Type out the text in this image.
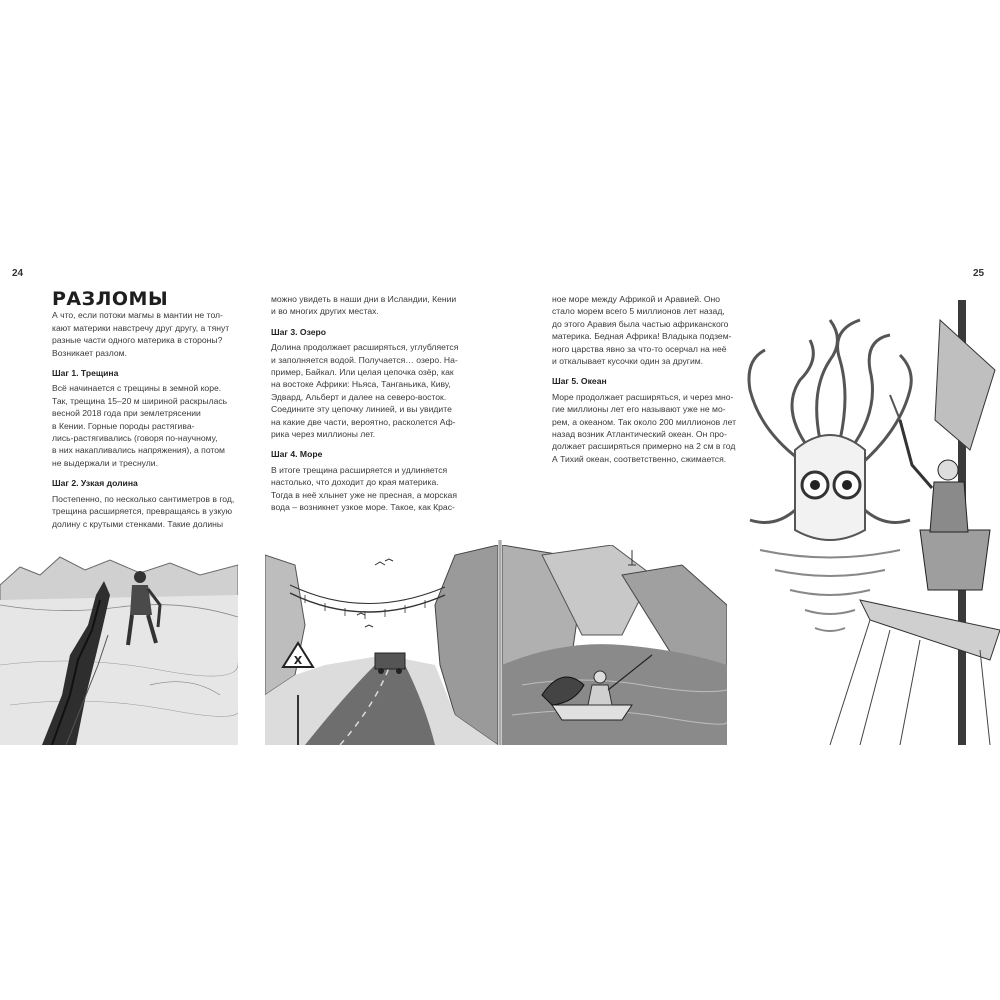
24	25
РАЗЛОМЫ

А что, если потоки магмы в мантии не тол-
кают материки навстречу друг другу, а тянут
разные части одного материка в стороны?
Возникает разлом.

Шаг 1. Трещина
Всё начинается с трещины в земной коре.
Так, трещина 15–20 м шириной раскрылась
весной 2018 года при землетрясении
в Кении. Горные породы растягива-
лись-растягивались (говоря по-научному,
в них накапливались напряжения), а потом
не выдержали и треснули.

Шаг 2. Узкая долина
Постепенно, по несколько сантиметров в год,
трещина расширяется, превращаясь в узкую
долину с крутыми стенками. Такие долины

можно увидеть в наши дни в Исландии, Кении
и во многих других местах.

Шаг 3. Озеро
Долина продолжает расширяться, углубляется
и заполняется водой. Получается… озеро. На-
пример, Байкал. Или целая цепочка озёр, как
на востоке Африки: Ньяса, Танганьика, Киву,
Эдвард, Альберт и далее на северо-восток.
Соедините эту цепочку линией, и вы увидите
на какие две части, вероятно, расколется Аф-
рика через миллионы лет.

Шаг 4. Море
В итоге трещина расширяется и удлиняется
настолько, что доходит до края материка.
Тогда в неё хлынет уже не пресная, а морская
вода – возникнет узкое море. Такое, как Крас-

ное море между Африкой и Аравией. Оно
стало морем всего 5 миллионов лет назад,
до этого Аравия была частью африканского
материка. Бедная Африка! Владыка подзем-
ного царства явно за что-то осерчал на неё
и откалывает кусочки один за другим.

Шаг 5. Океан
Море продолжает расширяться, и через мно-
гие миллионы лет его называют уже не мо-
рем, а океаном. Так около 200 миллионов лет
назад возник Атлантический океан. Он про-
должает расширяться примерно на 2 см в год
А Тихий океан, соответственно, сжимается.

X
